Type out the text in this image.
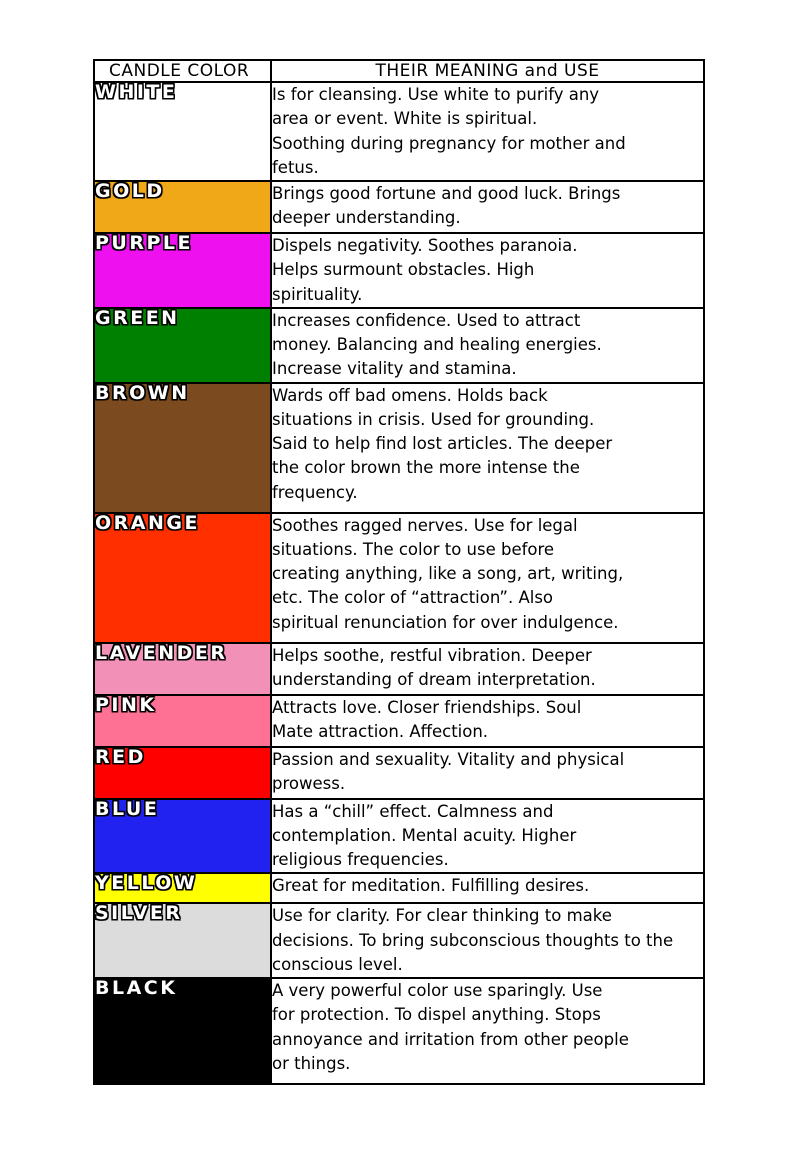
CANDLE COLOR	THEIR MEANING and USE
WHITE	Is for cleansing. Use white to purify any
area or event. White is spiritual.
Soothing during pregnancy for mother and
fetus.

GOLD	Brings good fortune and good luck. Brings
deeper understanding.

PURPLE	Dispels negativity. Soothes paranoia.
Helps surmount obstacles. High
spirituality.

GREEN	Increases confidence. Used to attract
money. Balancing and healing energies.
Increase vitality and stamina.

BROWN	Wards off bad omens. Holds back
situations in crisis. Used for grounding.
Said to help find lost articles. The deeper
the color brown the more intense the
frequency.

ORANGE	Soothes ragged nerves. Use for legal
situations. The color to use before
creating anything, like a song, art, writing,
etc. The color of “attraction”. Also
spiritual renunciation for over indulgence.

LAVENDER	Helps soothe, restful vibration. Deeper
understanding of dream interpretation.

PINK	Attracts love. Closer friendships. Soul
Mate attraction. Affection.

RED	Passion and sexuality. Vitality and physical
prowess.

BLUE	Has a “chill” effect. Calmness and
contemplation. Mental acuity. Higher
religious frequencies.

YELLOW	Great for meditation. Fulfilling desires.

SILVER	Use for clarity. For clear thinking to make
decisions. To bring subconscious thoughts to the
conscious level.

BLACK	A very powerful color use sparingly. Use
for protection. To dispel anything. Stops
annoyance and irritation from other people
or things.
